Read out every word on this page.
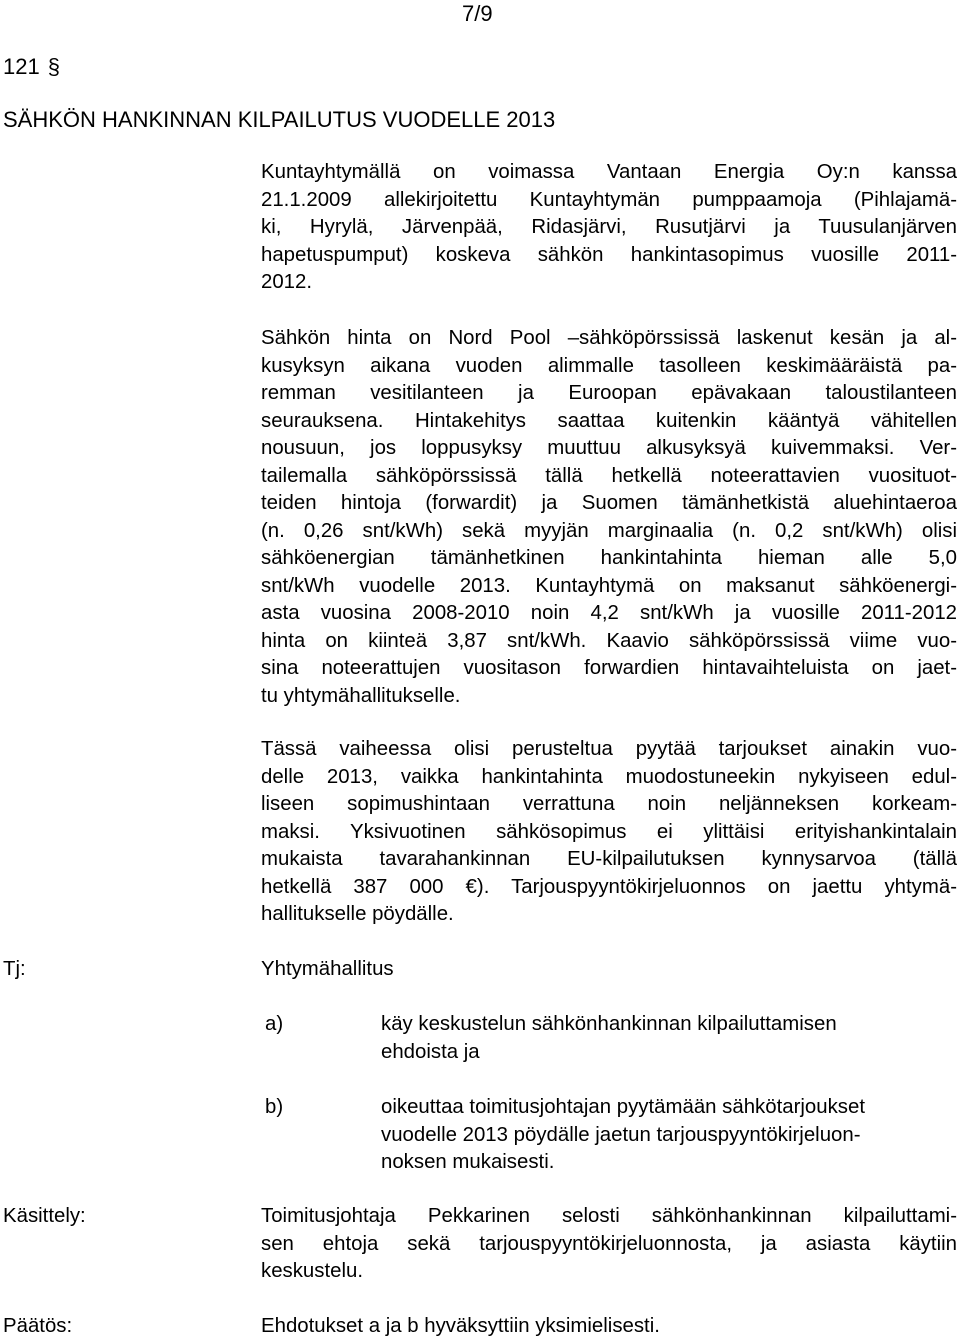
7/9
121 §
SÄHKÖN HANKINNAN KILPAILUTUS VUODELLE 2013
Kuntayhtymällä on voimassa Vantaan Energia Oy:n kanssa
21.1.2009 allekirjoitettu Kuntayhtymän pumppaamoja (Pihlajamä-
ki, Hyrylä, Järvenpää, Ridasjärvi, Rusutjärvi ja Tuusulanjärven
hapetuspumput) koskeva sähkön hankintasopimus vuosille 2011-
2012.
Sähkön hinta on Nord Pool –sähköpörssissä laskenut kesän ja al-
kusyksyn aikana vuoden alimmalle tasolleen keskimääräistä pa-
remman vesitilanteen ja Euroopan epävakaan taloustilanteen
seurauksena. Hintakehitys saattaa kuitenkin kääntyä vähitellen
nousuun, jos loppusyksy muuttuu alkusyksyä kuivemmaksi. Ver-
tailemalla sähköpörssissä tällä hetkellä noteerattavien vuosituot-
teiden hintoja (forwardit) ja Suomen tämänhetkistä aluehintaeroa
(n. 0,26 snt/kWh) sekä myyjän marginaalia (n. 0,2 snt/kWh) olisi
sähköenergian tämänhetkinen hankintahinta hieman alle 5,0
snt/kWh vuodelle 2013. Kuntayhtymä on maksanut sähköenergi-
asta vuosina 2008-2010 noin 4,2 snt/kWh ja vuosille 2011-2012
hinta on kiinteä 3,87 snt/kWh. Kaavio sähköpörssissä viime vuo-
sina noteerattujen vuositason forwardien hintavaihteluista on jaet-
tu yhtymähallitukselle.
Tässä vaiheessa olisi perusteltua pyytää tarjoukset ainakin vuo-
delle 2013, vaikka hankintahinta muodostuneekin nykyiseen edul-
liseen sopimushintaan verrattuna noin neljänneksen korkeam-
maksi. Yksivuotinen sähkösopimus ei ylittäisi erityishankintalain
mukaista tavarahankinnan EU-kilpailutuksen kynnysarvoa (tällä
hetkellä 387 000 €). Tarjouspyyntökirjeluonnos on jaettu yhtymä-
hallitukselle pöydälle.
Tj:	Yhtymähallitus
a)	käy keskustelun sähkönhankinnan kilpailuttamisen
ehdoista ja
b)	oikeuttaa toimitusjohtajan pyytämään sähkötarjoukset
vuodelle 2013 pöydälle jaetun tarjouspyyntökirjeluon-
noksen mukaisesti.
Käsittely:	Toimitusjohtaja Pekkarinen selosti sähkönhankinnan kilpailuttami-
sen ehtoja sekä tarjouspyyntökirjeluonnosta, ja asiasta käytiin
keskustelu.
Päätös:	Ehdotukset a ja b hyväksyttiin yksimielisesti.
